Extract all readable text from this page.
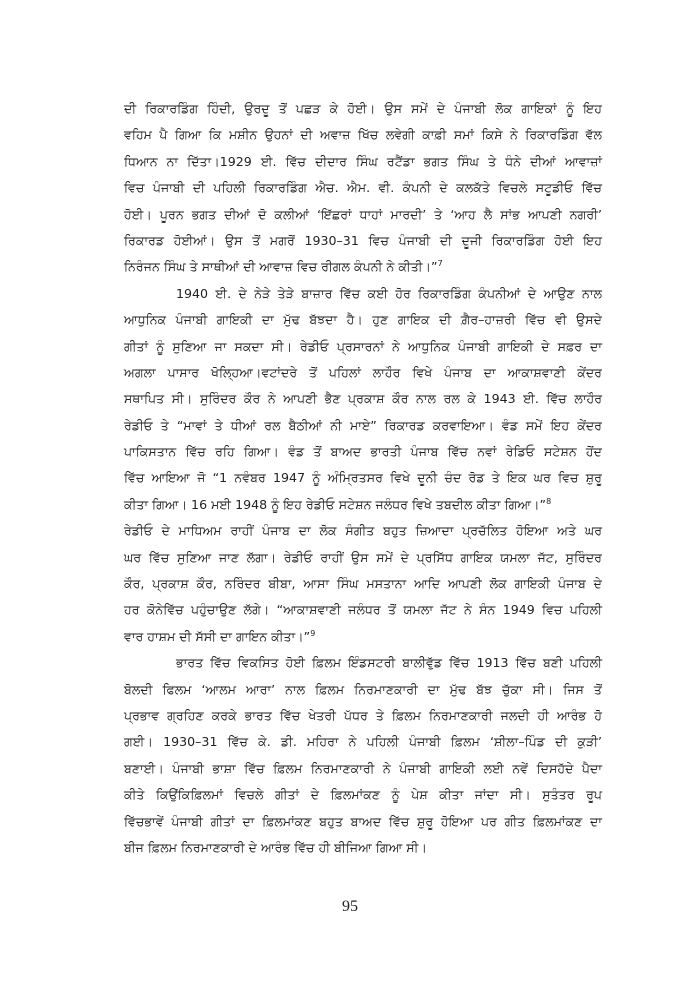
ਦੀ ਰਿਕਾਰਡਿੰਗ ਹਿੰਦੀ, ਉਰਦੂ ਤੋਂ ਪਛੜ ਕੇ ਹੋਈ। ਉਸ ਸਮੇਂ ਦੇ ਪੰਜਾਬੀ ਲੋਕ ਗਾਇਕਾਂ ਨੂੰ ਇਹ
ਵਹਿਮ ਪੈ ਗਿਆ ਕਿ ਮਸ਼ੀਨ ਉਹਨਾਂ ਦੀ ਅਵਾਜ਼ ਖਿੱਚ ਲਵੇਗੀ ਕਾਫ਼ੀ ਸਮਾਂ ਕਿਸੇ ਨੇ ਰਿਕਾਰਡਿੰਗ ਵੱਲ
ਧਿਆਨ ਨਾ ਦਿੱਤਾ।1929 ਈ. ਵਿੱਚ ਦੀਦਾਰ ਸਿੰਘ ਰਟੈਂਡਾ ਭਗਤ ਸਿੰਘ ਤੇ ਧੰਨੇ ਦੀਆਂ ਆਵਾਜ਼ਾਂ
ਵਿਚ ਪੰਜਾਬੀ ਦੀ ਪਹਿਲੀ ਰਿਕਾਰਡਿੰਗ ਐਚ. ਐਮ. ਵੀ. ਕੰਪਨੀ ਦੇ ਕਲਕੱਤੇ ਵਿਚਲੇ ਸਟੂਡੀਓ ਵਿੱਚ
ਹੋਈ। ਪੂਰਨ ਭਗਤ ਦੀਆਂ ਦੋ ਕਲੀਆਂ ‘ਇੱਛਰਾਂ ਧਾਹਾਂ ਮਾਰਦੀ’ ਤੇ ‘ਆਹ ਲੈ ਸਾਂਭ ਆਪਣੀ ਨਗਰੀ’
ਰਿਕਾਰਡ ਹੋਈਆਂ। ਉਸ ਤੋਂ ਮਗਰੋਂ 1930–31 ਵਿਚ ਪੰਜਾਬੀ ਦੀ ਦੂਜੀ ਰਿਕਾਰਡਿੰਗ ਹੋਈ ਇਹ
ਨਿਰੰਜਨ ਸਿੰਘ ਤੇ ਸਾਥੀਆਂ ਦੀ ਆਵਾਜ਼ ਵਿਚ ਰੀਗਲ ਕੰਪਨੀ ਨੇ ਕੀਤੀ।”$^7$
1940 ਈ. ਦੇ ਨੇੜੇ ਤੇੜੇ ਬਾਜ਼ਾਰ ਵਿੱਚ ਕਈ ਹੋਰ ਰਿਕਾਰਡਿੰਗ ਕੰਪਨੀਆਂ ਦੇ ਆਉਣ ਨਾਲ
ਆਧੁਨਿਕ ਪੰਜਾਬੀ ਗਾਇਕੀ ਦਾ ਮੁੱਢ ਬੱਝਦਾ ਹੈ। ਹੁਣ ਗਾਇਕ ਦੀ ਗ਼ੈਰ–ਹਾਜ਼ਰੀ ਵਿੱਚ ਵੀ ਉਸਦੇ
ਗੀਤਾਂ ਨੂੰ ਸੁਣਿਆ ਜਾ ਸਕਦਾ ਸੀ। ਰੇਡੀਓ ਪ੍ਰਸਾਰਨਾਂ ਨੇ ਆਧੁਨਿਕ ਪੰਜਾਬੀ ਗਾਇਕੀ ਦੇ ਸਫ਼ਰ ਦਾ
ਅਗਲਾ ਪਾਸਾਰ ਖੋਲ੍ਹਿਆ।ਵਟਾਂਦਰੇ ਤੋਂ ਪਹਿਲਾਂ ਲਾਹੌਰ ਵਿਖੇ ਪੰਜਾਬ ਦਾ ਆਕਾਸ਼ਵਾਣੀ ਕੇਂਦਰ
ਸਥਾਪਿਤ ਸੀ। ਸੁਰਿੰਦਰ ਕੌਰ ਨੇ ਆਪਣੀ ਭੈਣ ਪ੍ਰਕਾਸ਼ ਕੌਰ ਨਾਲ ਰਲ ਕੇ 1943 ਈ. ਵਿੱਚ ਲਾਹੌਰ
ਰੇਡੀਓ ਤੇ “ਮਾਵਾਂ ਤੇ ਧੀਆਂ ਰਲ ਬੈਠੀਆਂ ਨੀ ਮਾਏ” ਰਿਕਾਰਡ ਕਰਵਾਇਆ। ਵੰਡ ਸਮੇਂ ਇਹ ਕੇਂਦਰ
ਪਾਕਿਸਤਾਨ ਵਿੱਚ ਰਹਿ ਗਿਆ। ਵੰਡ ਤੋਂ ਬਾਅਦ ਭਾਰਤੀ ਪੰਜਾਬ ਵਿੱਚ ਨਵਾਂ ਰੇਡਿਓ ਸਟੇਸ਼ਨ ਹੋਂਦ
ਵਿੱਚ ਆਇਆ ਜੋ “1 ਨਵੰਬਰ 1947 ਨੂੰ ਅੰਮ੍ਰਿਤਸਰ ਵਿਖੇ ਦੂਨੀ ਚੰਦ ਰੋਡ ਤੇ ਇਕ ਘਰ ਵਿਚ ਸ਼ੁਰੂ
ਕੀਤਾ ਗਿਆ। 16 ਮਈ 1948 ਨੂੰ ਇਹ ਰੇਡੀਓ ਸਟੇਸ਼ਨ ਜਲੰਧਰ ਵਿਖੇ ਤਬਦੀਲ ਕੀਤਾ ਗਿਆ।”$^8$
ਰੇਡੀਓ ਦੇ ਮਾਧਿਅਮ ਰਾਹੀਂ ਪੰਜਾਬ ਦਾ ਲੋਕ ਸੰਗੀਤ ਬਹੁਤ ਜ਼ਿਆਦਾ ਪ੍ਰਚੱਲਿਤ ਹੋਇਆ ਅਤੇ ਘਰ
ਘਰ ਵਿੱਚ ਸੁਣਿਆ ਜਾਣ ਲੱਗਾ। ਰੇਡੀਓ ਰਾਹੀਂ ਉਸ ਸਮੇਂ ਦੇ ਪ੍ਰਸਿੱਧ ਗਾਇਕ ਯਮਲਾ ਜੱਟ, ਸੁਰਿੰਦਰ
ਕੌਰ, ਪ੍ਰਕਾਸ਼ ਕੌਰ, ਨਰਿੰਦਰ ਬੀਬਾ, ਆਸਾ ਸਿੰਘ ਮਸਤਾਨਾ ਆਦਿ ਆਪਣੀ ਲੋਕ ਗਾਇਕੀ ਪੰਜਾਬ ਦੇ
ਹਰ ਕੋਨੇਵਿੱਚ ਪਹੁੰਚਾਉਣ ਲੱਗੇ। “ਆਕਾਸ਼ਵਾਣੀ ਜਲੰਧਰ ਤੋਂ ਯਮਲਾ ਜੱਟ ਨੇ ਸੰਨ 1949 ਵਿਚ ਪਹਿਲੀ
ਵਾਰ ਹਾਸ਼ਮ ਦੀ ਸੱਸੀ ਦਾ ਗਾਇਨ ਕੀਤਾ।”$^9$
ਭਾਰਤ ਵਿੱਚ ਵਿਕਸਿਤ ਹੋਈ ਫ਼ਿਲਮ ਇੰਡਸਟਰੀ ਬਾਲੀਵੁੱਡ ਵਿੱਚ 1913 ਵਿੱਚ ਬਣੀ ਪਹਿਲੀ
ਬੋਲਦੀ ਫਿਲਮ ‘ਆਲਮ ਆਰਾ’ ਨਾਲ ਫ਼ਿਲਮ ਨਿਰਮਾਣਕਾਰੀ ਦਾ ਮੁੱਢ ਬੱਝ ਚੁੱਕਾ ਸੀ। ਜਿਸ ਤੋਂ
ਪ੍ਰਭਾਵ ਗ੍ਰਹਿਣ ਕਰਕੇ ਭਾਰਤ ਵਿੱਚ ਖੇਤਰੀ ਪੱਧਰ ਤੇ ਫ਼ਿਲਮ ਨਿਰਮਾਣਕਾਰੀ ਜਲਦੀ ਹੀ ਆਰੰਭ ਹੋ
ਗਈ। 1930–31 ਵਿੱਚ ਕੇ. ਡੀ. ਮਹਿਰਾ ਨੇ ਪਹਿਲੀ ਪੰਜਾਬੀ ਫ਼ਿਲਮ ‘ਸ਼ੀਲਾ–ਪਿੰਡ ਦੀ ਕੁੜੀ’
ਬਣਾਈ। ਪੰਜਾਬੀ ਭਾਸ਼ਾ ਵਿੱਚ ਫ਼ਿਲਮ ਨਿਰਮਾਣਕਾਰੀ ਨੇ ਪੰਜਾਬੀ ਗਾਇਕੀ ਲਈ ਨਵੇਂ ਦਿਸਹੱਦੇ ਪੈਦਾ
ਕੀਤੇ ਕਿਉਂਕਿਫ਼ਿਲਮਾਂ ਵਿਚਲੇ ਗੀਤਾਂ ਦੇ ਫ਼ਿਲਮਾਂਕਣ ਨੂੰ ਪੇਸ਼ ਕੀਤਾ ਜਾਂਦਾ ਸੀ। ਸੁਤੰਤਰ ਰੂਪ
ਵਿੱਚਭਾਵੇਂ ਪੰਜਾਬੀ ਗੀਤਾਂ ਦਾ ਫ਼ਿਲਮਾਂਕਣ ਬਹੁਤ ਬਾਅਦ ਵਿੱਚ ਸ਼ੁਰੂ ਹੋਇਆ ਪਰ ਗੀਤ ਫ਼ਿਲਮਾਂਕਣ ਦਾ
ਬੀਜ ਫ਼ਿਲਮ ਨਿਰਮਾਣਕਾਰੀ ਦੇ ਆਰੰਭ ਵਿੱਚ ਹੀ ਬੀਜਿਆ ਗਿਆ ਸੀ।
95
